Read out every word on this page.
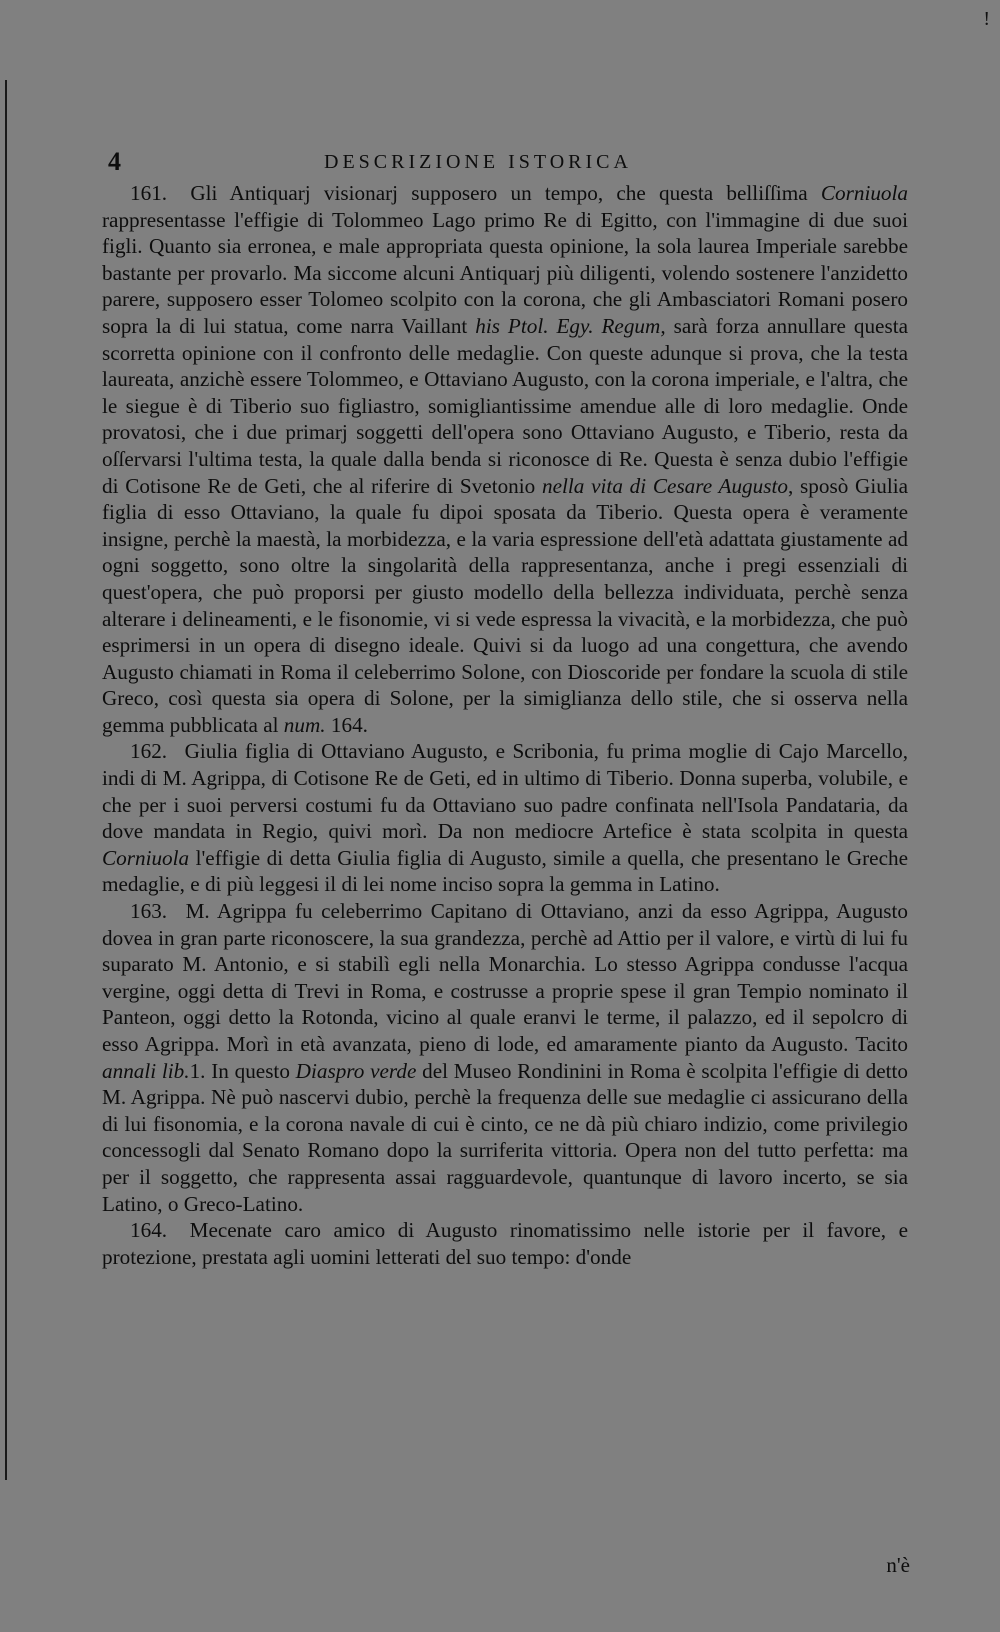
!
4	DESCRIZIONE ISTORICA

161. Gli Antiquarj visionarj supposero un tempo, che questa belliſſima Corniuola rappresentasse l'effigie di Tolommeo Lago primo Re di Egitto, con l'immagine di due suoi figli. Quanto sia erronea, e male appropriata questa opinione, la sola laurea Imperiale sarebbe bastante per provarlo. Ma siccome alcuni Antiquarj più diligenti, volendo sostenere l'anzidetto parere, supposero esser Tolomeo scolpito con la corona, che gli Ambasciatori Romani posero sopra la di lui statua, come narra Vaillant his Ptol. Egy. Regum, sarà forza annullare questa scorretta opinione con il confronto delle medaglie. Con queste adunque si prova, che la testa laureata, anzichè essere Tolommeo, e Ottaviano Augusto, con la corona imperiale, e l'altra, che le siegue è di Tiberio suo figliastro, somigliantissime amendue alle di loro medaglie. Onde provatosi, che i due primarj soggetti dell'opera sono Ottaviano Augusto, e Tiberio, resta da oſſervarsi l'ultima testa, la quale dalla benda si riconosce di Re. Questa è senza dubio l'effigie di Cotisone Re de Geti, che al riferire di Svetonio nella vita di Cesare Augusto, sposò Giulia figlia di esso Ottaviano, la quale fu dipoi sposata da Tiberio. Questa opera è veramente insigne, perchè la maestà, la morbidezza, e la varia espressione dell'età adattata giustamente ad ogni soggetto, sono oltre la singolarità della rappresentanza, anche i pregi essenziali di quest'opera, che può proporsi per giusto modello della bellezza individuata, perchè senza alterare i delineamenti, e le fisonomie, vi si vede espressa la vivacità, e la morbidezza, che può esprimersi in un opera di disegno ideale. Quivi si da luogo ad una congettura, che avendo Augusto chiamati in Roma il celeberrimo Solone, con Dioscoride per fondare la scuola di stile Greco, così questa sia opera di Solone, per la simiglianza dello stile, che si osserva nella gemma pubblicata al num. 164.

162. Giulia figlia di Ottaviano Augusto, e Scribonia, fu prima moglie di Cajo Marcello, indi di M. Agrippa, di Cotisone Re de Geti, ed in ultimo di Tiberio. Donna superba, volubile, e che per i suoi perversi costumi fu da Ottaviano suo padre confinata nell'Isola Pandataria, da dove mandata in Regio, quivi morì. Da non mediocre Artefice è stata scolpita in questa Corniuola l'effigie di detta Giulia figlia di Augusto, simile a quella, che presentano le Greche medaglie, e di più leggesi il di lei nome inciso sopra la gemma in Latino.

163. M. Agrippa fu celeberrimo Capitano di Ottaviano, anzi da esso Agrippa, Augusto dovea in gran parte riconoscere, la sua grandezza, perchè ad Attio per il valore, e virtù di lui fu suparato M. Antonio, e si stabilì egli nella Monarchia. Lo stesso Agrippa condusse l'acqua vergine, oggi detta di Trevi in Roma, e costrusse a proprie spese il gran Tempio nominato il Panteon, oggi detto la Rotonda, vicino al quale eranvi le terme, il palazzo, ed il sepolcro di esso Agrippa. Morì in età avanzata, pieno di lode, ed amaramente pianto da Augusto. Tacito annali lib.1. In questo Diaspro verde del Museo Rondinini in Roma è scolpita l'effigie di detto M. Agrippa. Nè può nascervi dubio, perchè la frequenza delle sue medaglie ci assicurano della di lui fisonomia, e la corona navale di cui è cinto, ce ne dà più chiaro indizio, come privilegio concessogli dal Senato Romano dopo la surriferita vittoria. Opera non del tutto perfetta: ma per il soggetto, che rappresenta assai ragguardevole, quantunque di lavoro incerto, se sia Latino, o Greco-Latino.

164. Mecenate caro amico di Augusto rinomatissimo nelle istorie per il favore, e protezione, prestata agli uomini letterati del suo tempo: d'onde

n'è
